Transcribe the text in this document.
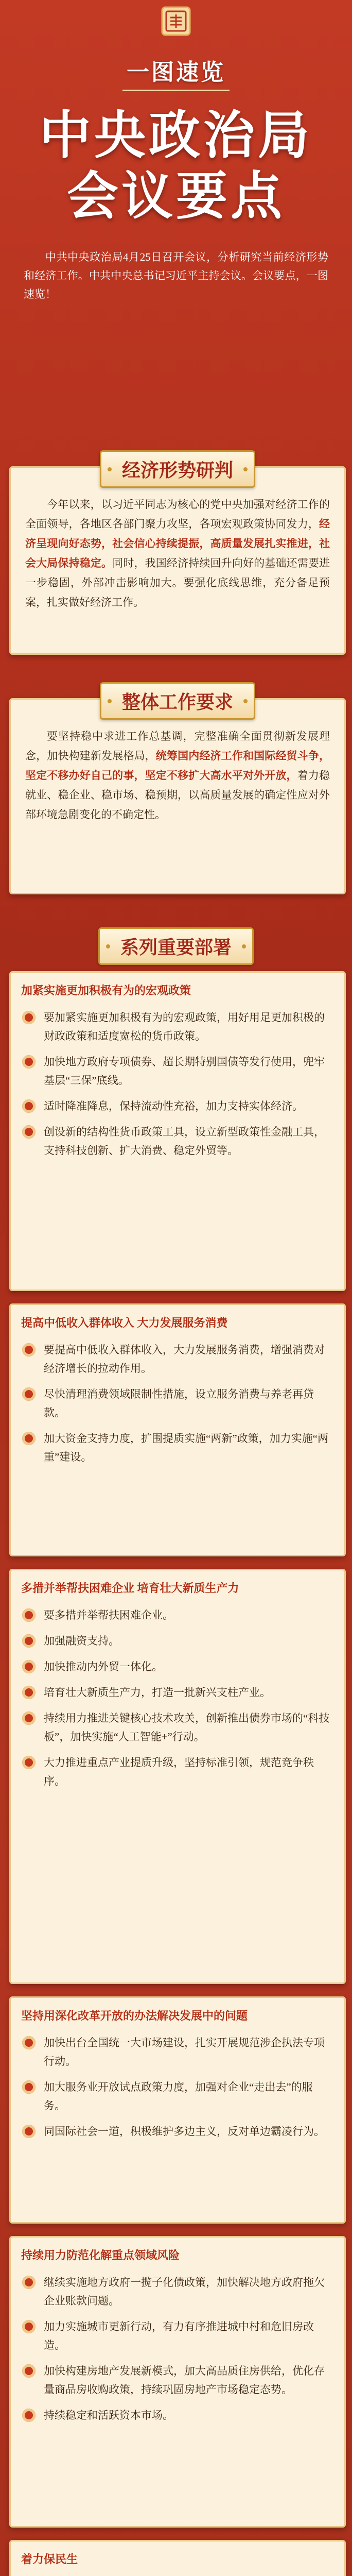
一图速览
中央政治局
会议要点
中共中央政治局4月25日召开会议，分析研究当前经济形势和经济工作。中共中央总书记习近平主持会议。会议要点，一图速览！
经济形势研判
今年以来，以习近平同志为核心的党中央加强对经济工作的全面领导，各地区各部门聚力攻坚，各项宏观政策协同发力，经济呈现向好态势，社会信心持续提振，高质量发展扎实推进，社会大局保持稳定。同时，我国经济持续回升向好的基础还需要进一步稳固，外部冲击影响加大。要强化底线思维，充分备足预案，扎实做好经济工作。
整体工作要求
要坚持稳中求进工作总基调，完整准确全面贯彻新发展理念，加快构建新发展格局，统筹国内经济工作和国际经贸斗争，坚定不移办好自己的事，坚定不移扩大高水平对外开放，着力稳就业、稳企业、稳市场、稳预期，以高质量发展的确定性应对外部环境急剧变化的不确定性。
系列重要部署
加紧实施更加积极有为的宏观政策
要加紧实施更加积极有为的宏观政策，用好用足更加积极的财政政策和适度宽松的货币政策。
加快地方政府专项债券、超长期特别国债等发行使用，兜牢基层“三保”底线。
适时降准降息，保持流动性充裕，加力支持实体经济。
创设新的结构性货币政策工具，设立新型政策性金融工具，支持科技创新、扩大消费、稳定外贸等。
提高中低收入群体收入 大力发展服务消费
要提高中低收入群体收入，大力发展服务消费，增强消费对经济增长的拉动作用。
尽快清理消费领域限制性措施，设立服务消费与养老再贷款。
加大资金支持力度，扩围提质实施“两新”政策，加力实施“两重”建设。
多措并举帮扶困难企业 培育壮大新质生产力
要多措并举帮扶困难企业。
加强融资支持。
加快推动内外贸一体化。
培育壮大新质生产力，打造一批新兴支柱产业。
持续用力推进关键核心技术攻关，创新推出债券市场的“科技板”，加快实施“人工智能+”行动。
大力推进重点产业提质升级，坚持标准引领，规范竞争秩序。
坚持用深化改革开放的办法解决发展中的问题
加快出台全国统一大市场建设，扎实开展规范涉企执法专项行动。
加大服务业开放试点政策力度，加强对企业“走出去”的服务。
同国际社会一道，积极维护多边主义，反对单边霸凌行为。
持续用力防范化解重点领域风险
继续实施地方政府一揽子化债政策，加快解决地方政府拖欠企业账款问题。
加力实施城市更新行动，有力有序推进城中村和危旧房改造。
加快构建房地产发展新模式，加大高品质住房供给，优化存量商品房收购政策，持续巩固房地产市场稳定态势。
持续稳定和活跃资本市场。
着力保民生
